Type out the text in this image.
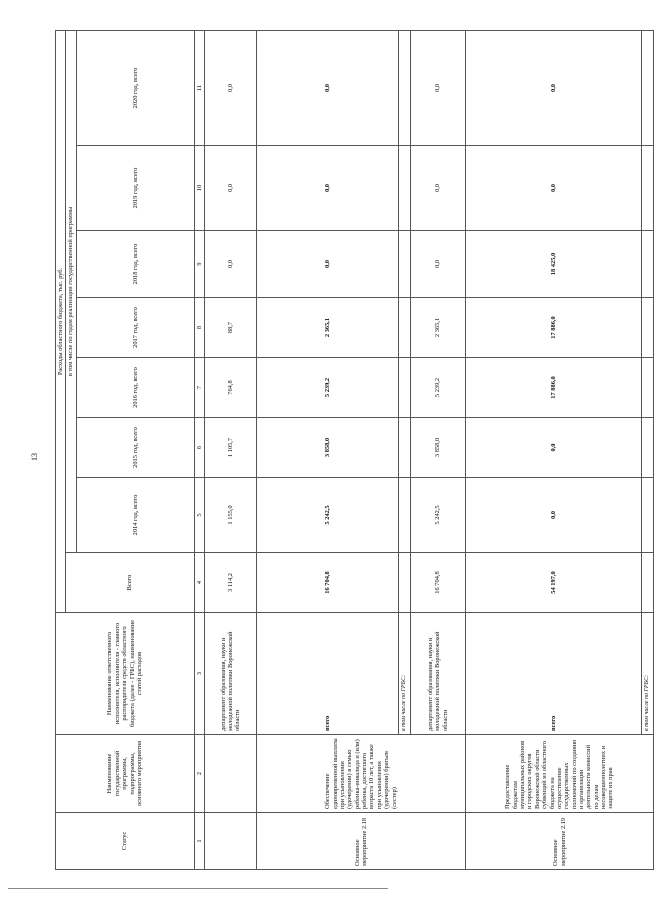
13
Статус	Наименование государственной программы, подпрограммы, основного мероприятия	Наименование ответственного исполнителя, исполнителя - главного распорядителя средств областного бюджета (далее - ГРБС), наименование статей расходов	Расходы областного бюджета, тыс. руб.							
			Всего	в том числе по годам реализации государственной программы						
				2014 год, всего	2015 год, всего	2016 год, всего	2017 год, всего	2018 год, всего	2019 год, всего	2020 год, всего
1	2	3	4	5	6	7	8	9	10	11
		департамент образования, науки и молодежной политики Воронежской области	3 114,2	1 155,0	1 105,7	764,8	88,7	0,0	0,0	0,0
Основное мероприятие 2.18	Обеспечение единовременной выплаты при усыновлении (удочерении) в семью ребенка-инвалида и (или) ребенка, достигшего возраста 10 лет, а также при усыновлении (удочерении) братьев (сестер)	всего	16 704,8	5 242,5	3 858,0	5 239,2	2 365,1	0,0	0,0	0,0
		в том числе по ГРБС:								
		департамент образования, науки и молодежной политики Воронежской области	16 704,8	5 242,5	3 858,0	5 239,2	2 365,1	0,0	0,0	0,0
Основное мероприятие 2.19	Предоставление бюджетам муниципальных районов и городских округов Воронежской области субвенций из областного бюджета на осуществление государственных полномочий по созданию и организации деятельности комиссий по делам несовершеннолетних и защите их прав	всего	54 197,0	0,0	0,0	17 886,0	17 886,0	18 425,0	0,0	0,0
		в том числе по ГРБС:								
